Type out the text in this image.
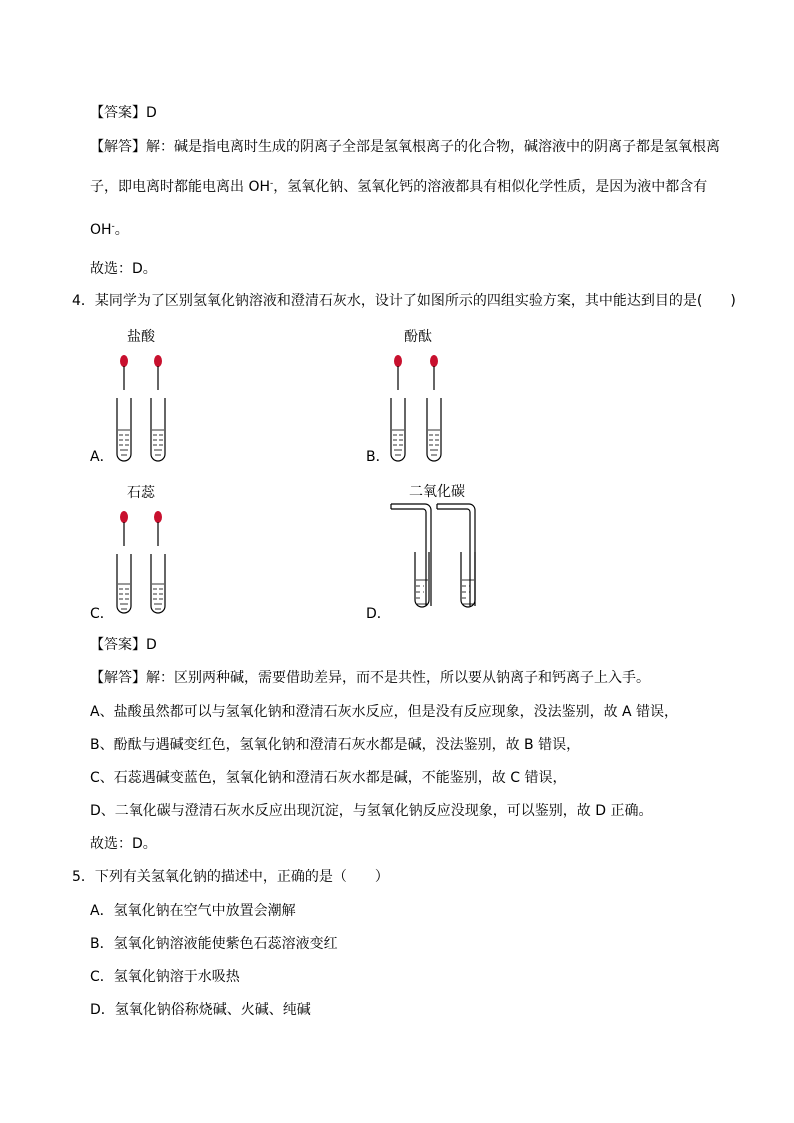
【答案】D
【解答】解：碱是指电离时生成的阴离子全部是氢氧根离子的化合物，碱溶液中的阴离子都是氢氧根离
子，即电离时都能电离出 OH-，氢氧化钠、氢氧化钙的溶液都具有相似化学性质，是因为液中都含有
OH-。
故选：D。
4．某同学为了区别氢氧化钠溶液和澄清石灰水，设计了如图所示的四组实验方案，其中能达到目的是(　　)
盐酸
A．
酚酞
B．
石蕊
C．
二氧化碳
D．
【答案】D
【解答】解：区别两种碱，需要借助差异，而不是共性，所以要从钠离子和钙离子上入手。
A、盐酸虽然都可以与氢氧化钠和澄清石灰水反应，但是没有反应现象，没法鉴别，故 A 错误，
B、酚酞与遇碱变红色，氢氧化钠和澄清石灰水都是碱，没法鉴别，故 B 错误，
C、石蕊遇碱变蓝色，氢氧化钠和澄清石灰水都是碱，不能鉴别，故 C 错误，
D、二氧化碳与澄清石灰水反应出现沉淀，与氢氧化钠反应没现象，可以鉴别，故 D 正确。
故选：D。
5．下列有关氢氧化钠的描述中，正确的是（　　）
A．氢氧化钠在空气中放置会潮解
B．氢氧化钠溶液能使紫色石蕊溶液变红
C．氢氧化钠溶于水吸热
D．氢氧化钠俗称烧碱、火碱、纯碱
